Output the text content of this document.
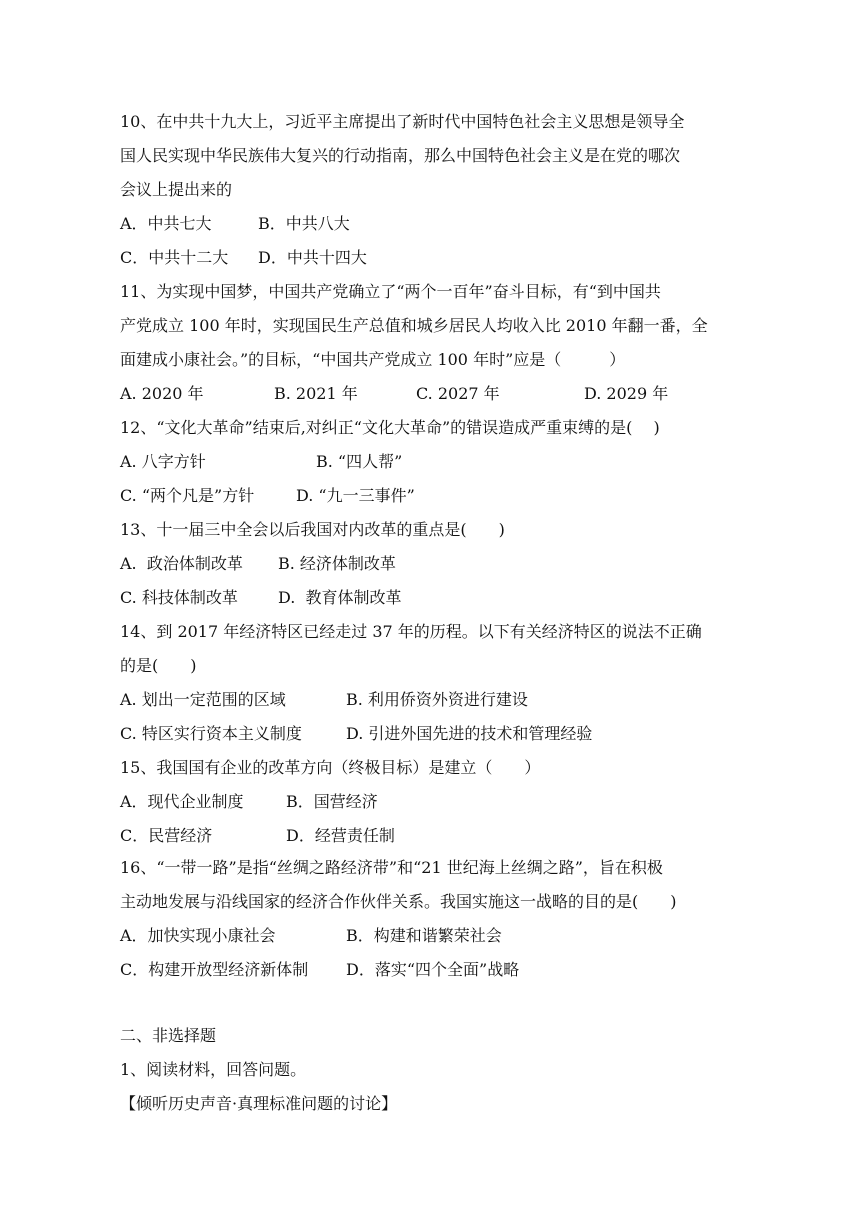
10、在中共十九大上，习近平主席提出了新时代中国特色社会主义思想是领导全
国人民实现中华民族伟大复兴的行动指南，那么中国特色社会主义是在党的哪次
会议上提出来的
A．中共七大	B．中共八大
C．中共十二大 D．中共十四大
11、为实现中国梦，中国共产党确立了“两个一百年”奋斗目标，有“到中国共
产党成立 100 年时，实现国民生产总值和城乡居民人均收入比 2010 年翻一番，全
面建成小康社会。”的目标，“中国共产党成立 100 年时”应是（　　　）
A. 2020 年	B. 2021 年	C. 2027 年	D. 2029 年
12、“文化大革命”结束后,对纠正“文化大革命”的错误造成严重束缚的是(　 )
A. 八字方针	B. “四人帮”
C. “两个凡是”方针	D. “九一三事件”
13、十一届三中全会以后我国对内改革的重点是(　　)
A.  政治体制改革 B. 经济体制改革
C. 科技体制改革	D.  教育体制改革
14、到 2017 年经济特区已经走过 37 年的历程。以下有关经济特区的说法不正确
的是(　　)
A. 划出一定范围的区域	B. 利用侨资外资进行建设
C. 特区实行资本主义制度	D. 引进外国先进的技术和管理经验
15、我国国有企业的改革方向（终极目标）是建立（　　）
A．现代企业制度	B．国营经济
C．民营经济	D．经营责任制
16、“一带一路”是指“丝绸之路经济带”和“21 世纪海上丝绸之路”，旨在积极
主动地发展与沿线国家的经济合作伙伴关系。我国实施这一战略的目的是(　　)
A．加快实现小康社会	B．构建和谐繁荣社会
C．构建开放型经济新体制 D．落实“四个全面”战略
二、非选择题
1、阅读材料，回答问题。
【倾听历史声音·真理标准问题的讨论】
